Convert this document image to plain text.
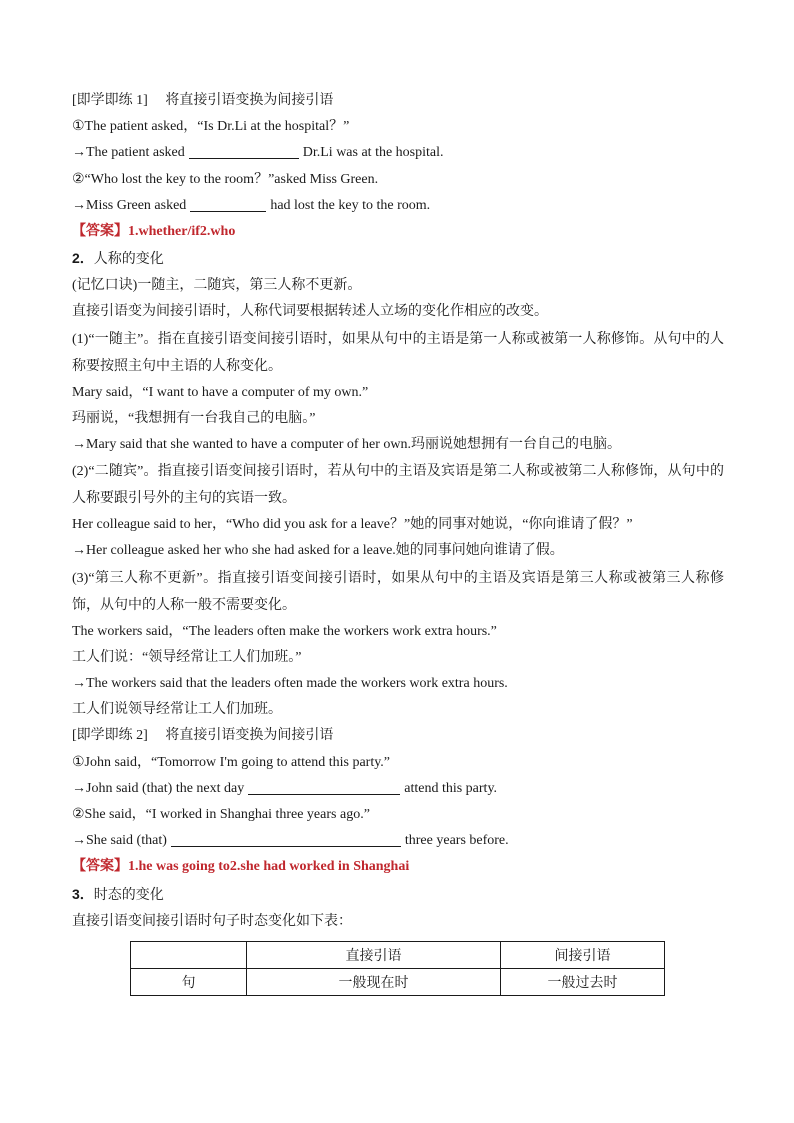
[即学即练 1]　 将直接引语变换为间接引语
①The patient asked，“Is Dr.Li at the hospital？”
→The patient asked	Dr.Li was at the hospital.
②“Who lost the key to the room？”asked Miss Green.
→Miss Green asked	had lost the key to the room.
【答案】1.whether/if2.who
2．人称的变化
(记忆口诀)一随主，二随宾，第三人称不更新。
直接引语变为间接引语时，人称代词要根据转述人立场的变化作相应的改变。
(1)“一随主”。指在直接引语变间接引语时，如果从句中的主语是第一人称或被第一人称修饰。从句中的人称要按照主句中主语的人称变化。
Mary said，“I want to have a computer of my own.”
玛丽说，“我想拥有一台我自己的电脑。”
→Mary said that she wanted to have a computer of her own.玛丽说她想拥有一台自己的电脑。
(2)“二随宾”。指直接引语变间接引语时，若从句中的主语及宾语是第二人称或被第二人称修饰，从句中的人称要跟引号外的主句的宾语一致。
Her colleague said to her，“Who did you ask for a leave？”她的同事对她说，“你向谁请了假？”
→Her colleague asked her who she had asked for a leave.她的同事问她向谁请了假。
(3)“第三人称不更新”。指直接引语变间接引语时，如果从句中的主语及宾语是第三人称或被第三人称修饰，从句中的人称一般不需要变化。
The workers said，“The leaders often make the workers work extra hours.”
工人们说：“领导经常让工人们加班。”
→The workers said that the leaders often made the workers work extra hours.
工人们说领导经常让工人们加班。
[即学即练 2]　 将直接引语变换为间接引语
①John said，“Tomorrow I'm going to attend this party.”
→John said (that) the next day	attend this party.
②She said，“I worked in Shanghai three years ago.”
→She said (that)	three years before.
【答案】1.he was going to2.she had worked in Shanghai
3．时态的变化
直接引语变间接引语时句子时态变化如下表：
	直接引语	间接引语
句	一般现在时	一般过去时
